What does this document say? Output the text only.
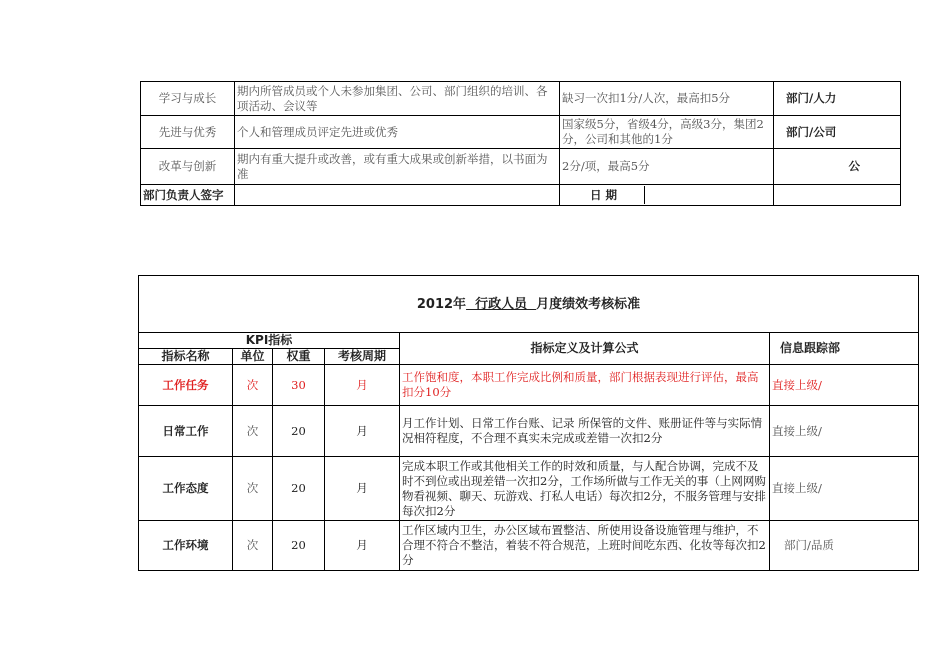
学习与成长	期内所管成员或个人未参加集团、公司、部门组织的培训、各项活动、会议等	缺习一次扣1分/人次，最高扣5分	部门/人力
先进与优秀	个人和管理成员评定先进或优秀	国家级5分，省级4分，高级3分，集团2分，公司和其他的1分	部门/公司
改革与创新	期内有重大提升或改善，或有重大成果或创新举措，以书面为准	2分/项，最高5分	公
部门负责人签字		日 期	
2012年  行政人员  月度绩效考核标准					
KPI指标				指标定义及计算公式	信息跟踪部
指标名称	单位	权重	考核周期		
工作任务	次	30	月	工作饱和度，本职工作完成比例和质量，部门根据表现进行评估，最高扣分10分	直接上级/
日常工作	次	20	月	月工作计划、日常工作台账、记录 所保管的文件、账册证件等与实际情况相符程度，不合理不真实未完成或差错一次扣2分	直接上级/
工作态度	次	20	月	完成本职工作或其他相关工作的时效和质量，与人配合协调，完成不及时不到位或出现差错一次扣2分，工作场所做与工作无关的事（上网网购物看视频、聊天、玩游戏、打私人电话）每次扣2分，不服务管理与安排每次扣2分	直接上级/
工作环境	次	20	月	工作区域内卫生，办公区域布置整洁、所使用设备设施管理与维护，不合理不符合不整洁，着装不符合规范，上班时间吃东西、化妆等每次扣2分	部门/品质
